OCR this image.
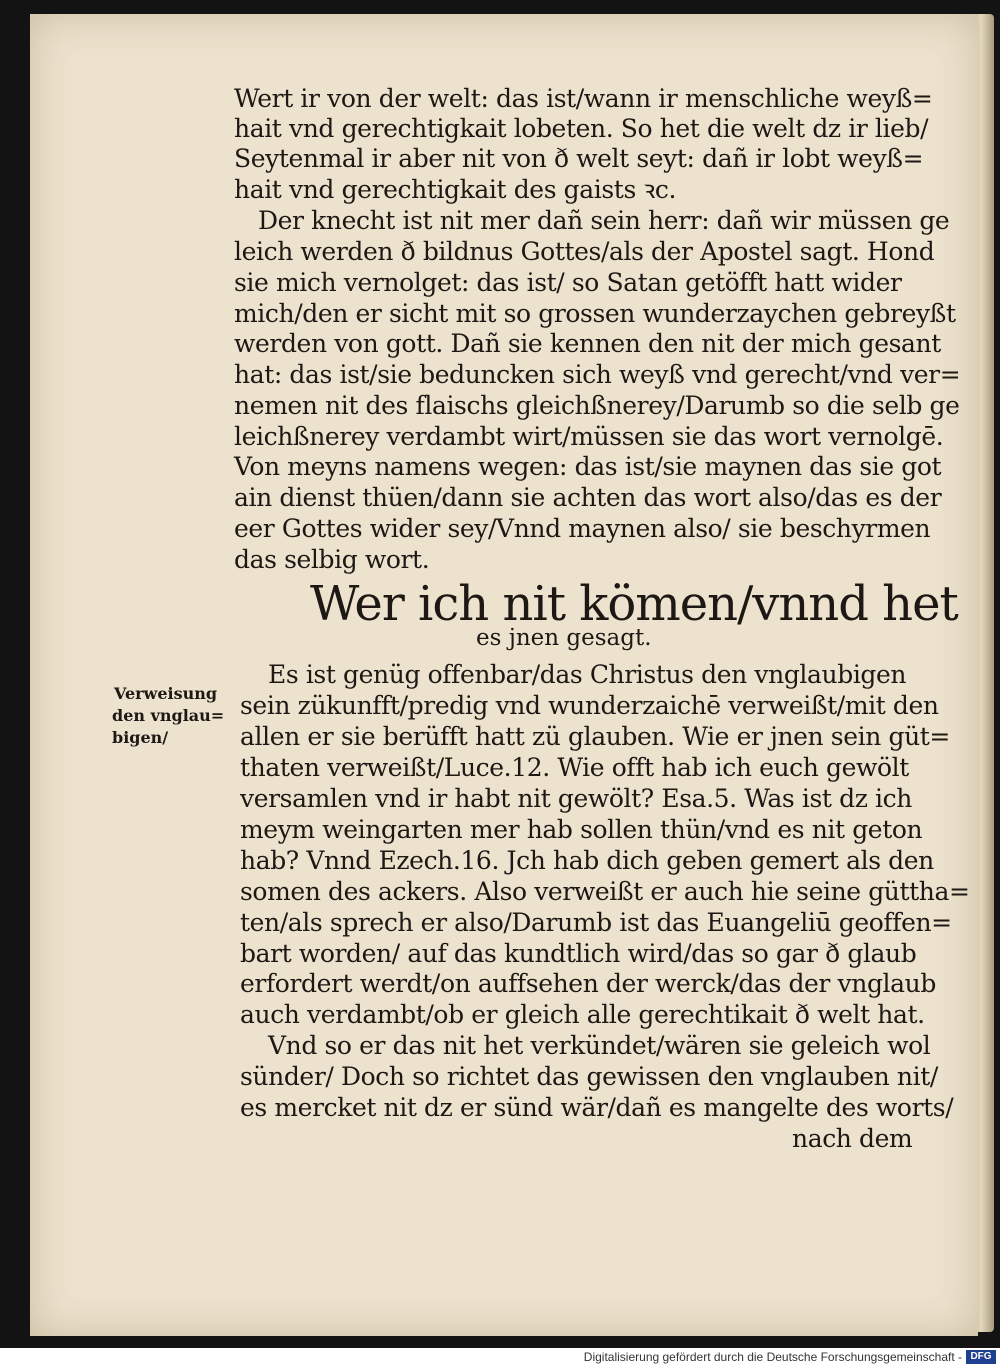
Wert ir von der welt: das ist/wann ir menschliche weyß=

hait vnd gerechtigkait lobeten. So het die welt dz ir lieb/

Seytenmal ir aber nit von ð welt seyt: dañ ir lobt weyß=

hait vnd gerechtigkait des gaists ꝛc.

Der knecht ist nit mer dañ sein herr: dañ wir müssen ge

leich werden ð bildnus Gottes/als der Apostel sagt. Hond

sie mich vernolget: das ist/ so Satan getöfft hatt wider

mich/den er sicht mit so grossen wunderzaychen gebreyßt

werden von gott. Dañ sie kennen den nit der mich gesant

hat: das ist/sie beduncken sich weyß vnd gerecht/vnd ver=

nemen nit des flaischs gleichßnerey/Darumb so die selb ge

leichßnerey verdambt wirt/müssen sie das wort vernolgē.

Von meyns namens wegen: das ist/sie maynen das sie got

ain dienst thüen/dann sie achten das wort also/das es der

eer Gottes wider sey/Vnnd maynen also/ sie beschyrmen

das selbig wort.

Wer ich nit kömen/vnnd het

es jnen gesagt.

Verweisung

den vnglau=

bigen/

Es ist genüg offenbar/das Christus den vnglaubigen

sein zükunfft/predig vnd wunderzaichē verweißt/mit den

allen er sie berüfft hatt zü glauben. Wie er jnen sein güt=

thaten verweißt/Luce.12. Wie offt hab ich euch gewölt

versamlen vnd ir habt nit gewölt? Esa.5. Was ist dz ich

meym weingarten mer hab sollen thün/vnd es nit geton

hab? Vnnd Ezech.16. Jch hab dich geben gemert als den

somen des ackers. Also verweißt er auch hie seine güttha=

ten/als sprech er also/Darumb ist das Euangeliū geoffen=

bart worden/ auf das kundtlich wird/das so gar ð glaub

erfordert werdt/on auffsehen der werck/das der vnglaub

auch verdambt/ob er gleich alle gerechtikait ð welt hat.

Vnd so er das nit het verkündet/wären sie geleich wol

sünder/ Doch so richtet das gewissen den vnglauben nit/

es mercket nit dz er sünd wär/dañ es mangelte des worts/

nach dem

Digitalisierung gefördert durch die Deutsche Forschungsgemeinschaft - DFG
